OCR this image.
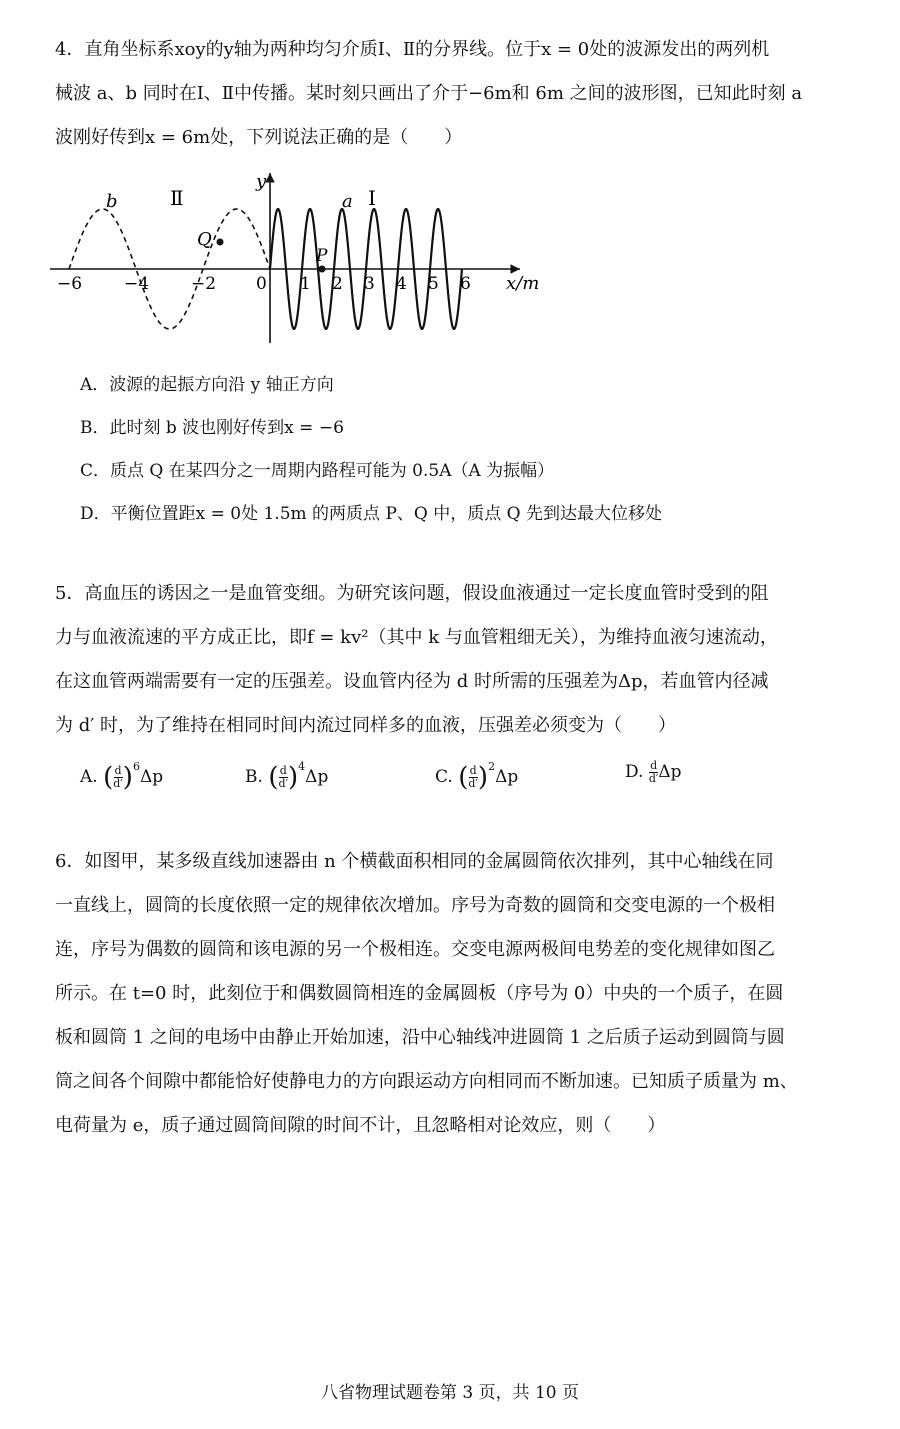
4．直角坐标系xoy的y轴为两种均匀介质Ⅰ、Ⅱ的分界线。位于x = 0处的波源发出的两列机
械波 a、b 同时在Ⅰ、Ⅱ中传播。某时刻只画出了介于−6m和 6m 之间的波形图，已知此时刻 a
波刚好传到x = 6m处，下列说法正确的是（　　）
P
Q
b	a
Ⅱ	Ⅰ
y
x/m
−6 −4 −2 0 1 2 3 4 5 6
A．波源的起振方向沿 y 轴正方向
B．此时刻 b 波也刚好传到x = −6
C．质点 Q 在某四分之一周期内路程可能为 0.5A（A 为振幅）
D．平衡位置距x = 0处 1.5m 的两质点 P、Q 中，质点 Q 先到达最大位移处
5．高血压的诱因之一是血管变细。为研究该问题，假设血液通过一定长度血管时受到的阻
力与血液流速的平方成正比，即f = kv²（其中 k 与血管粗细无关），为维持血液匀速流动，
在这血管两端需要有一定的压强差。设血管内径为 d 时所需的压强差为Δp，若血管内径减
为 d′ 时，为了维持在相同时间内流过同样多的血液，压强差必须变为（　　）
A. ( $\frac{d}{d'} )^6\Delta p$	B. ( $\frac{d}{d'} )^4\Delta p$	C. ( $\frac{d}{d'} )^2\Delta p$	D. $\frac{d}{d'}$ Δp
6．如图甲，某多级直线加速器由 n 个横截面积相同的金属圆筒依次排列，其中心轴线在同
一直线上，圆筒的长度依照一定的规律依次增加。序号为奇数的圆筒和交变电源的一个极相
连，序号为偶数的圆筒和该电源的另一个极相连。交变电源两极间电势差的变化规律如图乙
所示。在 t=0 时，此刻位于和偶数圆筒相连的金属圆板（序号为 0）中央的一个质子，在圆
板和圆筒 1 之间的电场中由静止开始加速，沿中心轴线冲进圆筒 1 之后质子运动到圆筒与圆
筒之间各个间隙中都能恰好使静电力的方向跟运动方向相同而不断加速。已知质子质量为 m、
电荷量为 e，质子通过圆筒间隙的时间不计，且忽略相对论效应，则（　　）
八省物理试题卷第 3 页，共 10 页
